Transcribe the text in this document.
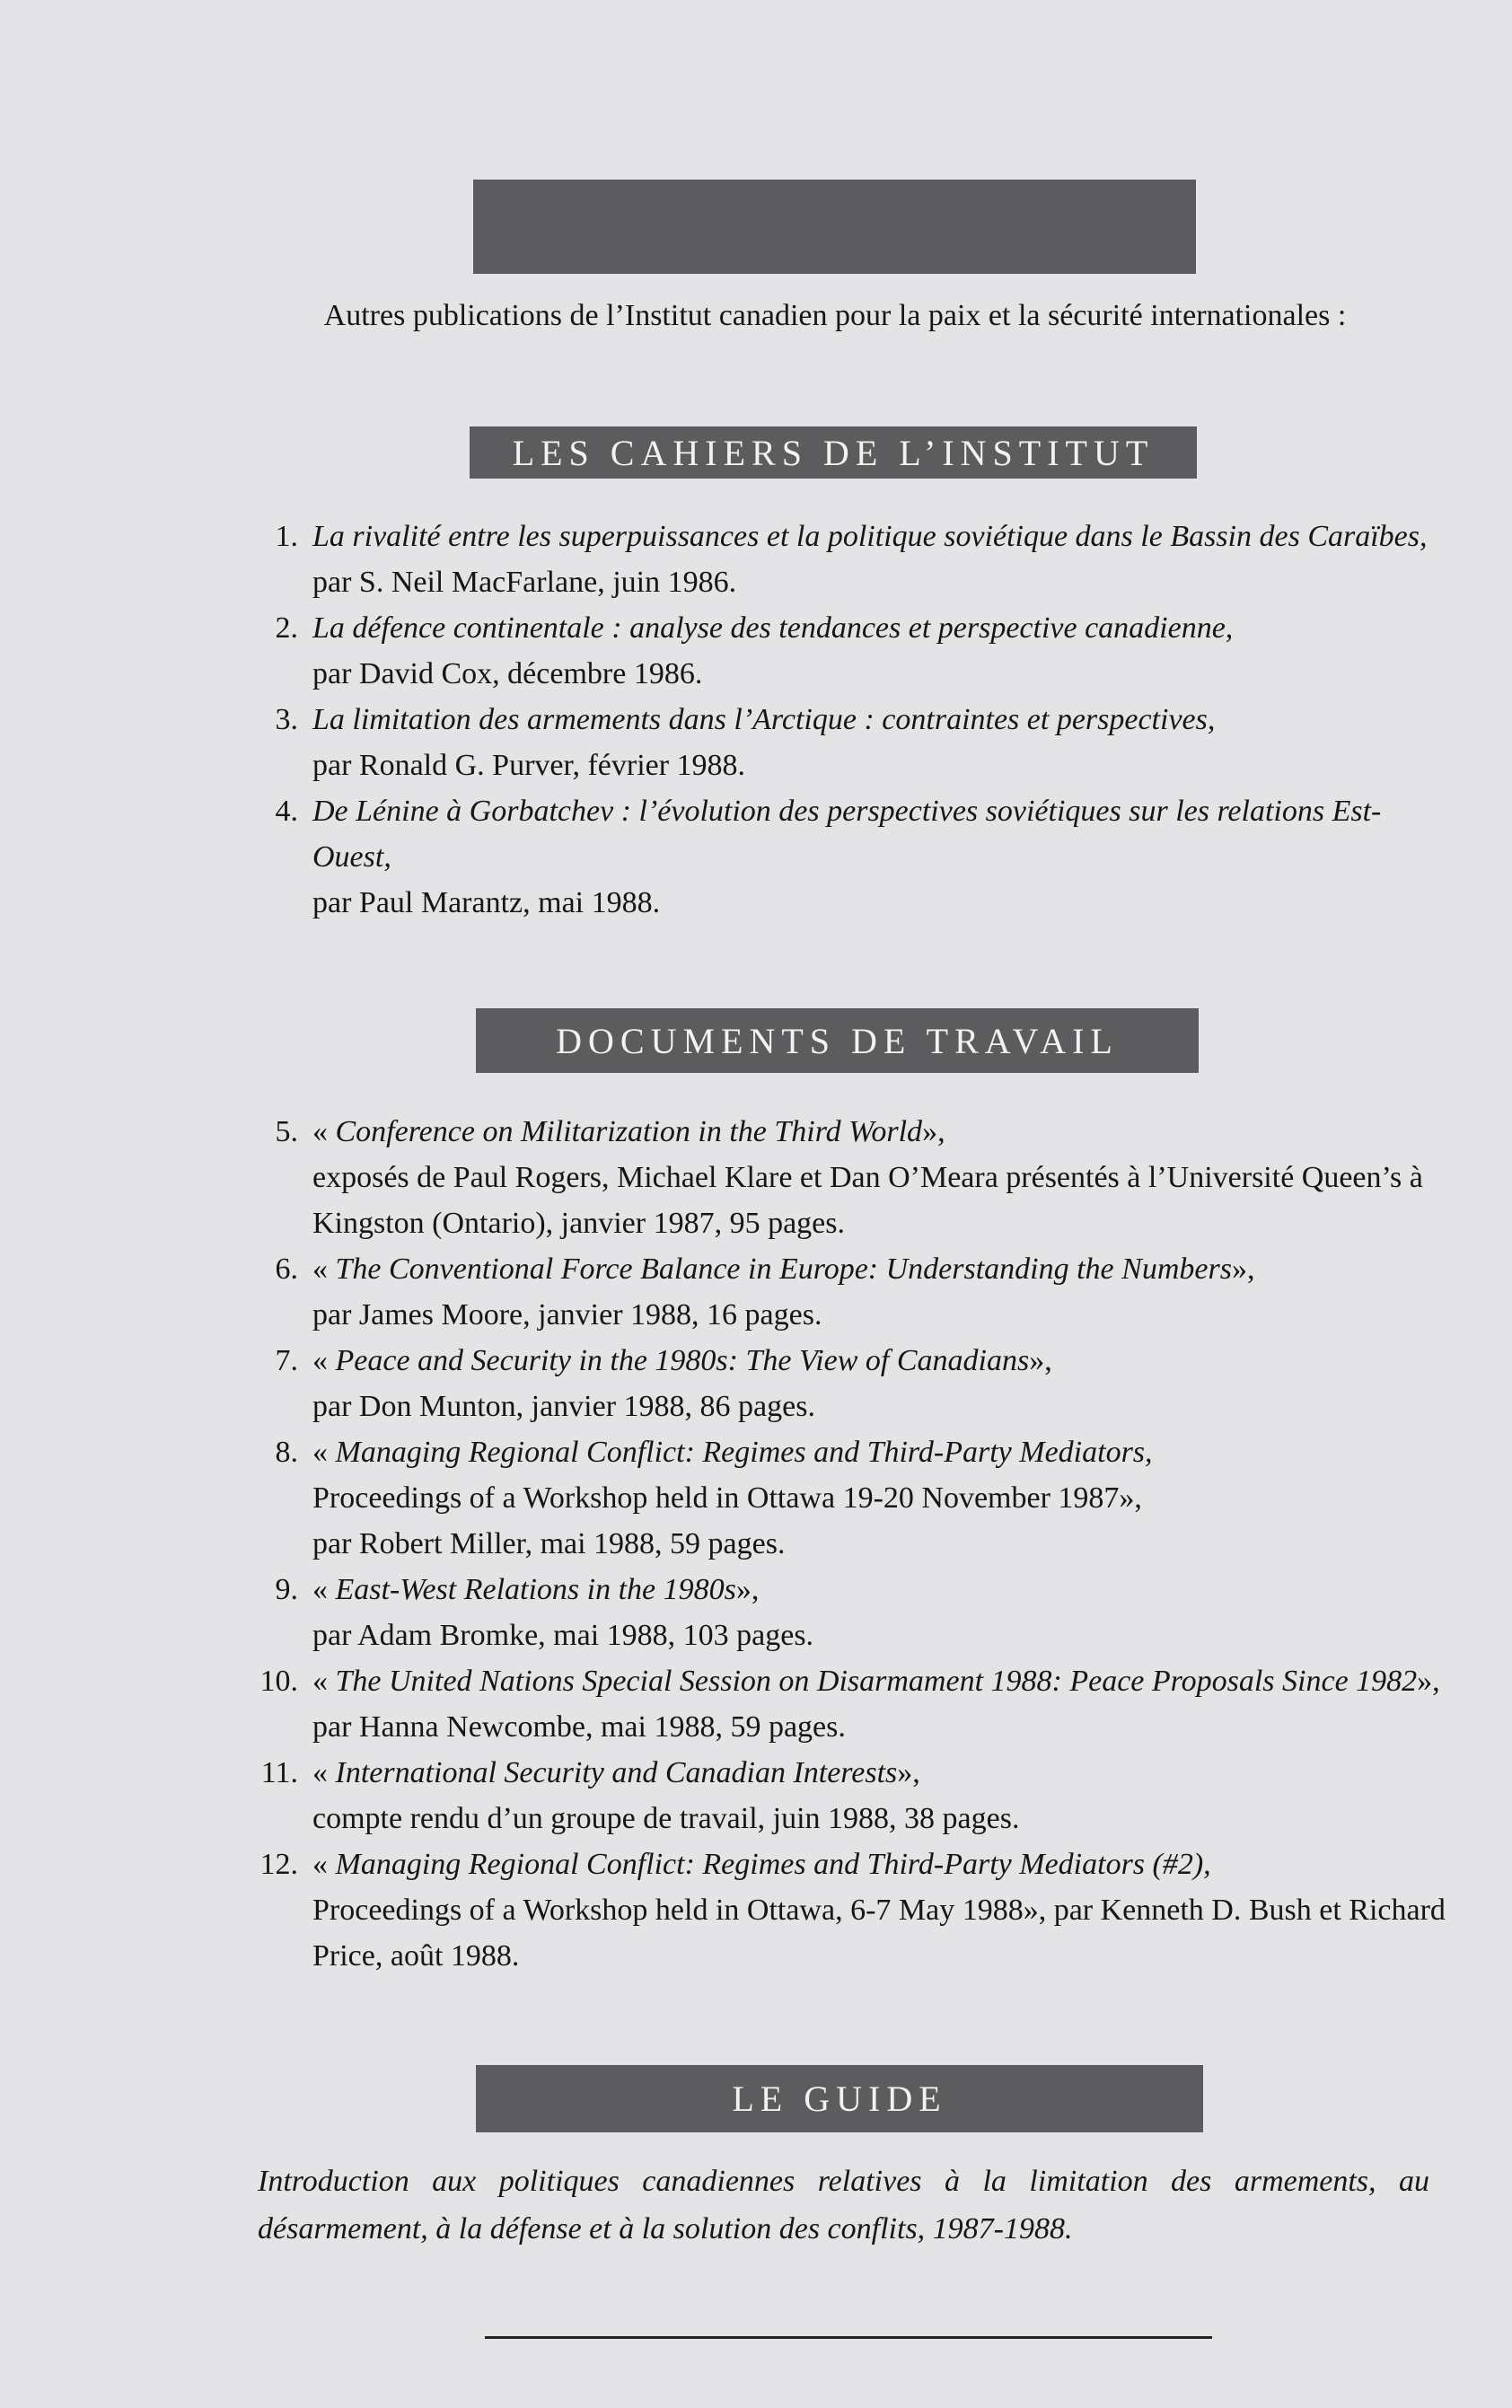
Autres publications de l’Institut canadien pour la paix et la sécurité internationales :
LES CAHIERS DE L’INSTITUT
1. La rivalité entre les superpuissances et la politique soviétique dans le Bassin des Caraïbes,
par S. Neil MacFarlane, juin 1986.
2. La défence continentale : analyse des tendances et perspective canadienne,
par David Cox, décembre 1986.
3. La limitation des armements dans l’Arctique : contraintes et perspectives,
par Ronald G. Purver, février 1988.
4. De Lénine à Gorbatchev : l’évolution des perspectives soviétiques sur les relations Est-Ouest,
par Paul Marantz, mai 1988.
DOCUMENTS DE TRAVAIL
5. « Conference on Militarization in the Third World»,
exposés de Paul Rogers, Michael Klare et Dan O’Meara présentés à l’Université Queen’s à Kingston (Ontario), janvier 1987, 95 pages.
6. « The Conventional Force Balance in Europe: Understanding the Numbers»,
par James Moore, janvier 1988, 16 pages.
7. « Peace and Security in the 1980s: The View of Canadians»,
par Don Munton, janvier 1988, 86 pages.
8. « Managing Regional Conflict: Regimes and Third-Party Mediators,
Proceedings of a Workshop held in Ottawa 19-20 November 1987»,
par Robert Miller, mai 1988, 59 pages.
9. « East-West Relations in the 1980s»,
par Adam Bromke, mai 1988, 103 pages.
10. « The United Nations Special Session on Disarmament 1988: Peace Proposals Since 1982»,
par Hanna Newcombe, mai 1988, 59 pages.
11. « International Security and Canadian Interests»,
compte rendu d’un groupe de travail, juin 1988, 38 pages.
12. « Managing Regional Conflict: Regimes and Third-Party Mediators (#2),
Proceedings of a Workshop held in Ottawa, 6-7 May 1988», par Kenneth D. Bush et Richard Price, août 1988.
LE GUIDE
Introduction aux politiques canadiennes relatives à la limitation des armements, au désarmement, à la défense et à la solution des conflits, 1987-1988.
